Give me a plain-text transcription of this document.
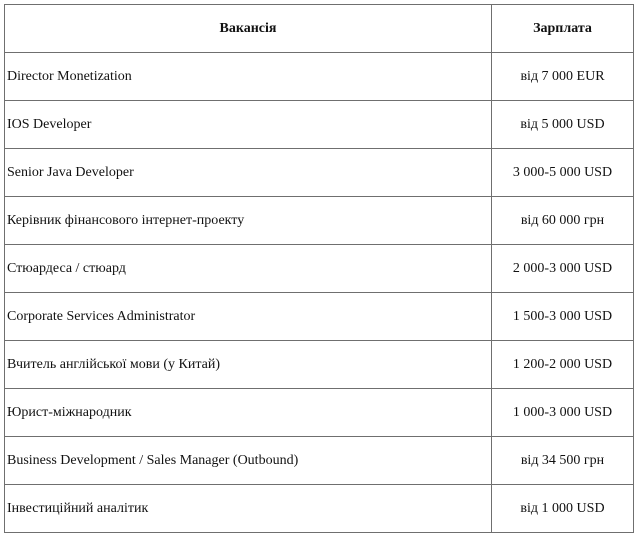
Вакансія	Зарплата
Director Monetization	від 7 000 EUR
IOS Developer	від 5 000 USD
Senior Java Developer	3 000-5 000 USD
Керівник фінансового інтернет-проекту	від 60 000 грн
Стюардеса / стюард	2 000-3 000 USD
Corporate Services Administrator	1 500-3 000 USD
Вчитель англійської мови (у Китай)	1 200-2 000 USD
Юрист-міжнародник	1 000-3 000 USD
Business Development / Sales Manager (Outbound)	від 34 500 грн
Інвестиційний аналітик	від 1 000 USD
